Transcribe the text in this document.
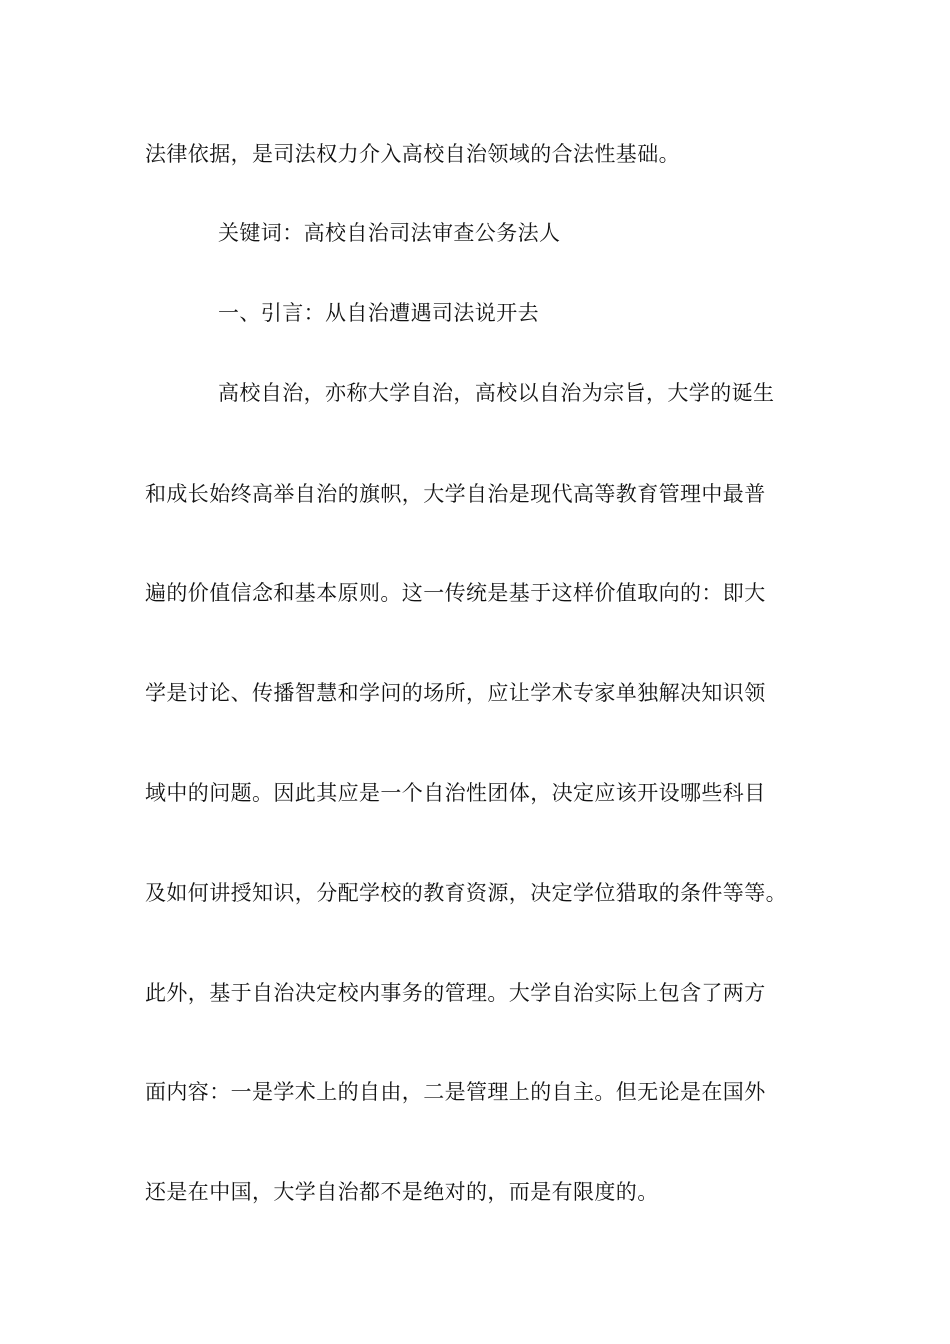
法律依据，是司法权力介入高校自治领域的合法性基础。
关键词：高校自治司法审查公务法人
一、引言：从自治遭遇司法说开去
高校自治，亦称大学自治，高校以自治为宗旨，大学的诞生
和成长始终高举自治的旗帜，大学自治是现代高等教育管理中最普
遍的价值信念和基本原则。这一传统是基于这样价值取向的：即大
学是讨论、传播智慧和学问的场所，应让学术专家单独解决知识领
域中的问题。因此其应是一个自治性团体，决定应该开设哪些科目
及如何讲授知识，分配学校的教育资源，决定学位猎取的条件等等。
此外，基于自治决定校内事务的管理。大学自治实际上包含了两方
面内容：一是学术上的自由，二是管理上的自主。但无论是在国外
还是在中国，大学自治都不是绝对的，而是有限度的。
